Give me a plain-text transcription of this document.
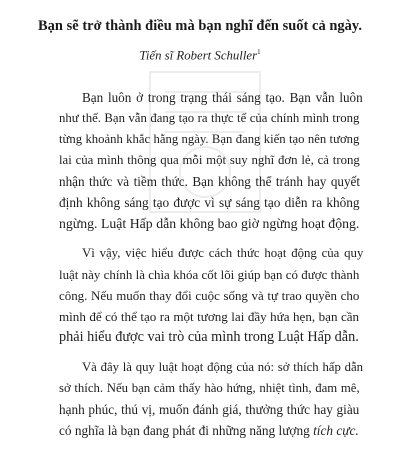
Bạn sẽ trở thành điều mà bạn nghĩ đến suốt cả ngày.
Tiến sĩ Robert Schuller$^1$
Bạn luôn ở trong trạng thái sáng tạo. Bạn vẫn luôn
như thế. Bạn vẫn đang tạo ra thực tế của chính mình trong
từng khoảnh khắc hằng ngày. Bạn đang kiến tạo nên tương
lai của mình thông qua mỗi một suy nghĩ đơn lẻ, cả trong
nhận thức và tiềm thức. Bạn không thể tránh hay quyết
định không sáng tạo được vì sự sáng tạo diễn ra không
ngừng. Luật Hấp dẫn không bao giờ ngừng hoạt động.
Vì vậy, việc hiểu được cách thức hoạt động của quy
luật này chính là chìa khóa cốt lõi giúp bạn có được thành
công. Nếu muốn thay đổi cuộc sống và tự trao quyền cho
mình để có thể tạo ra một tương lai đầy hứa hẹn, bạn cần
phải hiểu được vai trò của mình trong Luật Hấp dẫn.
Và đây là quy luật hoạt động của nó: sở thích hấp dẫn
sở thích. Nếu bạn cảm thấy hào hứng, nhiệt tình, đam mê,
hạnh phúc, thú vị, muốn đánh giá, thưởng thức hay giàu
có nghĩa là bạn đang phát đi những năng lượng tích cực.
